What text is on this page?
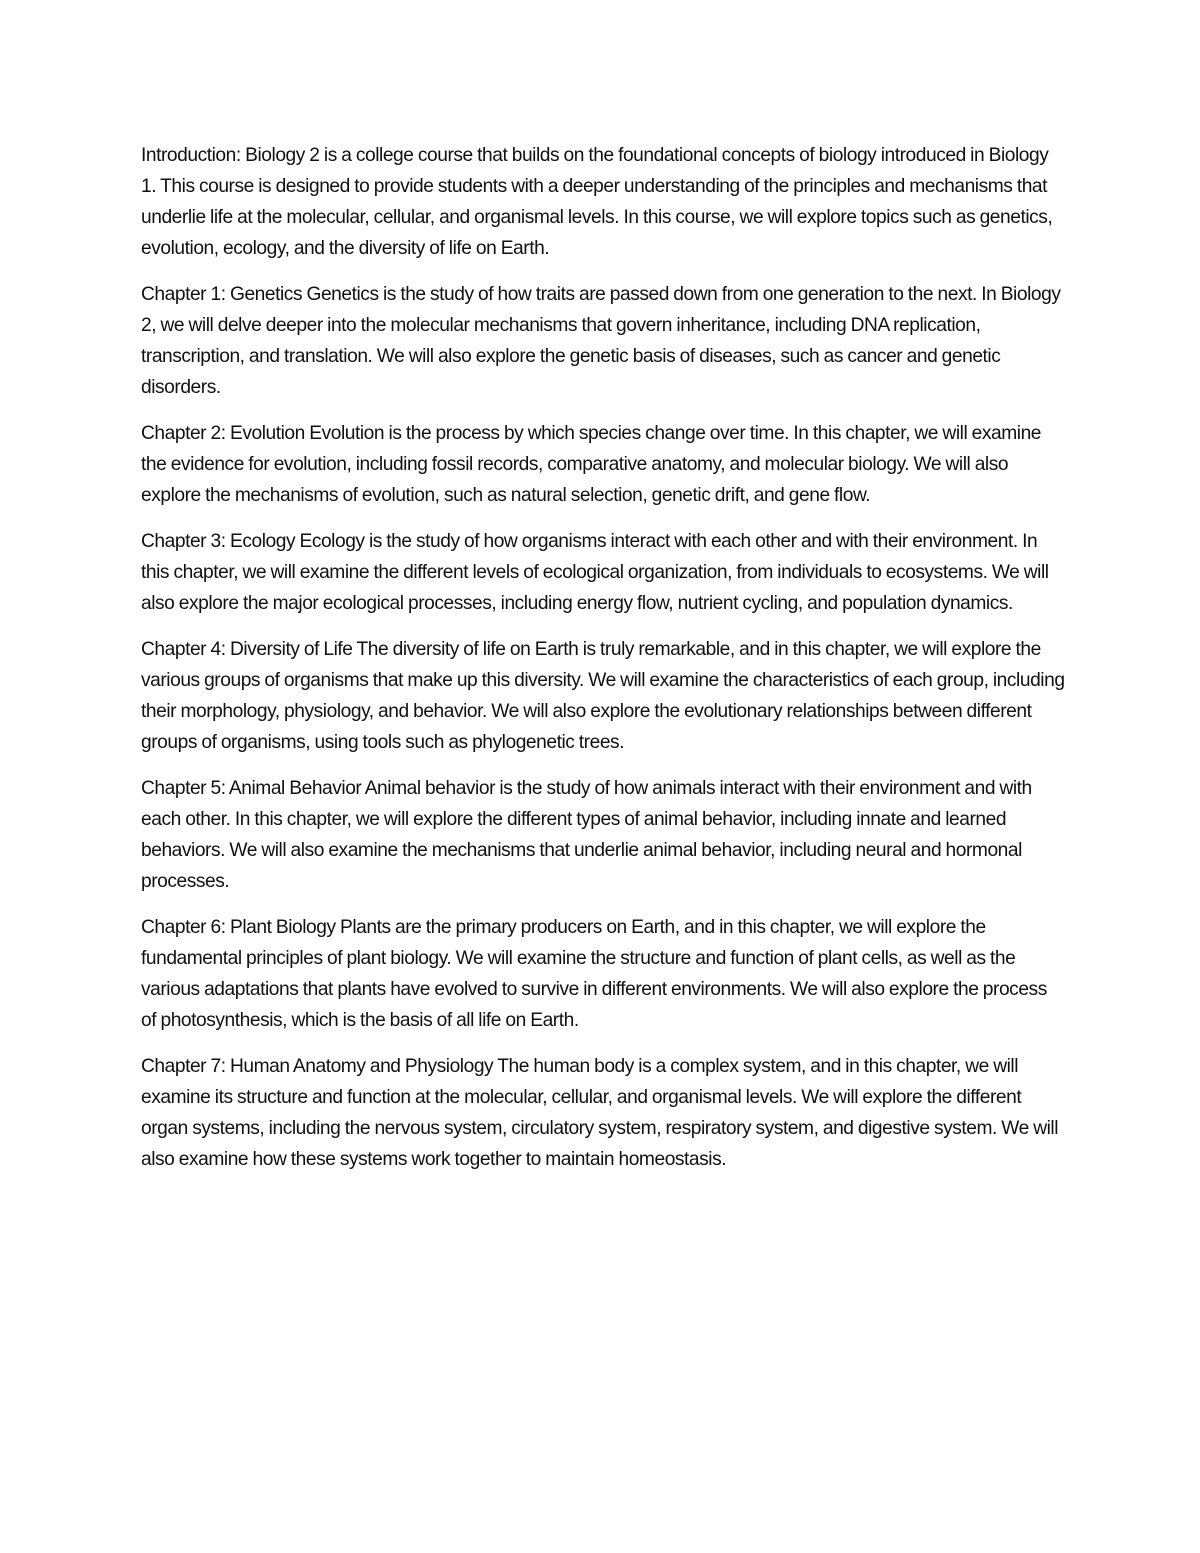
Introduction: Biology 2 is a college course that builds on the foundational concepts of biology introduced in Biology 1. This course is designed to provide students with a deeper understanding of the principles and mechanisms that underlie life at the molecular, cellular, and organismal levels. In this course, we will explore topics such as genetics, evolution, ecology, and the diversity of life on Earth.

Chapter 1: Genetics Genetics is the study of how traits are passed down from one generation to the next. In Biology 2, we will delve deeper into the molecular mechanisms that govern inheritance, including DNA replication, transcription, and translation. We will also explore the genetic basis of diseases, such as cancer and genetic disorders.

Chapter 2: Evolution Evolution is the process by which species change over time. In this chapter, we will examine the evidence for evolution, including fossil records, comparative anatomy, and molecular biology. We will also explore the mechanisms of evolution, such as natural selection, genetic drift, and gene flow.

Chapter 3: Ecology Ecology is the study of how organisms interact with each other and with their environment. In this chapter, we will examine the different levels of ecological organization, from individuals to ecosystems. We will also explore the major ecological processes, including energy flow, nutrient cycling, and population dynamics.

Chapter 4: Diversity of Life The diversity of life on Earth is truly remarkable, and in this chapter, we will explore the various groups of organisms that make up this diversity. We will examine the characteristics of each group, including their morphology, physiology, and behavior. We will also explore the evolutionary relationships between different groups of organisms, using tools such as phylogenetic trees.

Chapter 5: Animal Behavior Animal behavior is the study of how animals interact with their environment and with each other. In this chapter, we will explore the different types of animal behavior, including innate and learned behaviors. We will also examine the mechanisms that underlie animal behavior, including neural and hormonal processes.

Chapter 6: Plant Biology Plants are the primary producers on Earth, and in this chapter, we will explore the fundamental principles of plant biology. We will examine the structure and function of plant cells, as well as the various adaptations that plants have evolved to survive in different environments. We will also explore the process of photosynthesis, which is the basis of all life on Earth.

Chapter 7: Human Anatomy and Physiology The human body is a complex system, and in this chapter, we will examine its structure and function at the molecular, cellular, and organismal levels. We will explore the different organ systems, including the nervous system, circulatory system, respiratory system, and digestive system. We will also examine how these systems work together to maintain homeostasis.
